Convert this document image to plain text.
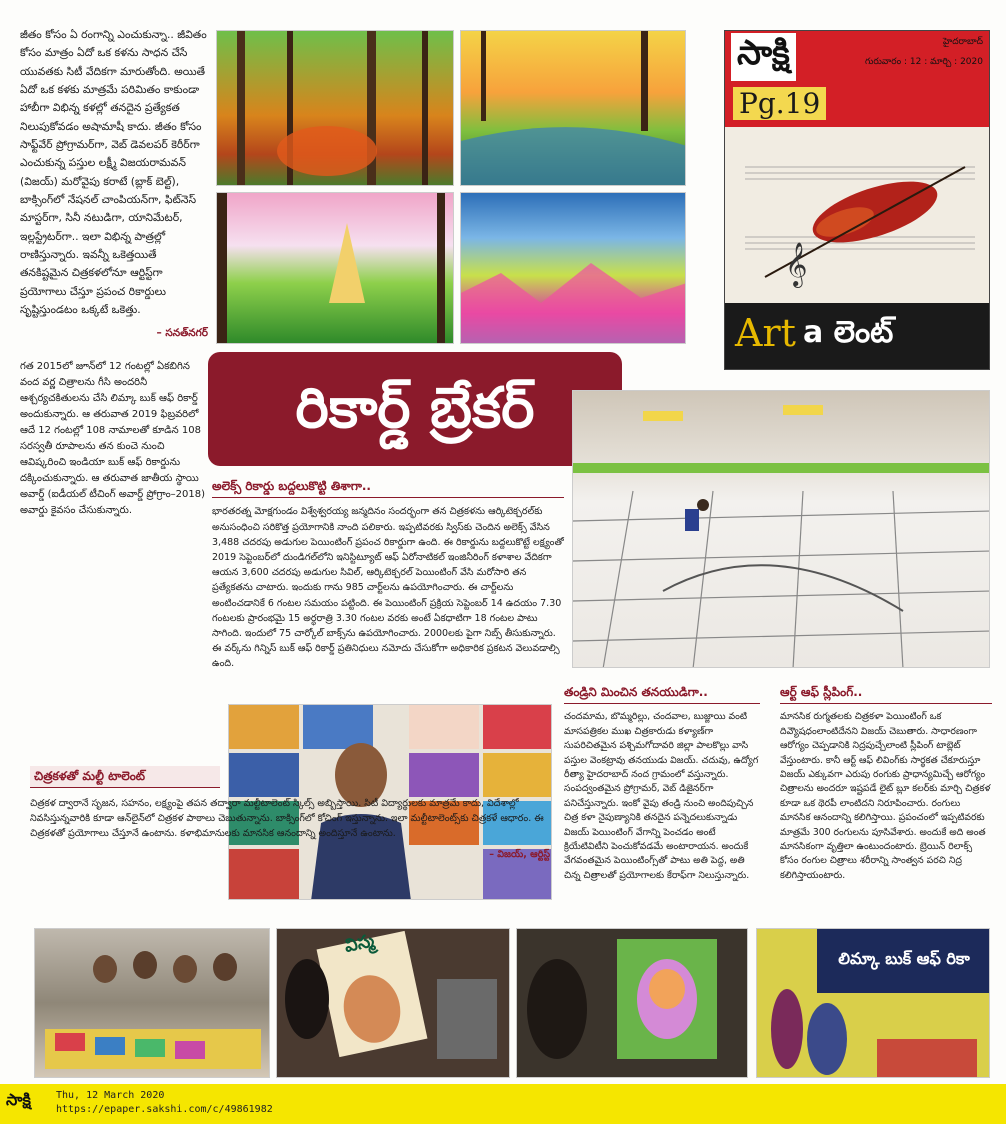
జీతం కోసం ఏ రంగాన్ని ఎంచుకున్నా.. జీవితం కోసం మాత్రం ఏదో ఒక కళను సాధన చేసే యువతకు సిటీ వేదికగా మారుతోంది. అయితే ఏదో ఒక కళకు మాత్రమే పరిమితం కాకుండా హాబీగా విభిన్న కళల్లో తనదైన ప్రత్యేకత నిలుపుకోవడం అషామాషీ కాదు. జీతం కోసం సాఫ్ట్‌వేర్ ప్రోగ్రామర్‌గా, వెబ్ డెవలపర్ కెరీర్‌గా ఎంచుకున్న పస్తుల లక్ష్మీ విజయరామవన్ (విజయ్) మరోవైపు కరాటే (బ్లాక్ బెల్ట్), బాక్సింగ్‌లో నేషనల్ చాంపియన్‌గా, ఫిట్‌నెస్ మాస్టర్‌గా, సినీ నటుడిగా, యానిమేటర్, ఇల్లస్ట్రేటర్‌గా.. ఇలా విభిన్న పాత్రల్లో రాణిస్తున్నారు. ఇవన్నీ ఒకెత్తయితే తనకిష్టమైన చిత్రకళలోనూ ఆర్టిస్ట్‌గా ప్రయోగాలు చేస్తూ ప్రపంచ రికార్డులు సృష్టిస్తుండటం ఒక్కటే ఒకెత్తు.

– సనత్‌నగర్

గత 2015లో జూన్‌లో 12 గంటల్లో ఏకబిగిన వంద వర్ణ చిత్రాలను గీసి అందరినీ ఆశ్చర్యచకితులను చేసి లిమ్కా బుక్ ఆఫ్ రికార్డ్ అందుకున్నారు. ఆ తరువాత 2019 ఫిబ్రవరిలో ఆదే 12 గంటల్లో 108 నామాలతో కూడిన 108 సరస్వతీ రూపాలను తన కుంచె నుంచి ఆవిష్కరించి ఇండియా బుక్ ఆఫ్ రికార్డును దక్కించుకున్నారు. ఆ తరువాత జాతీయ స్థాయి అవార్డ్ (ఐడీయల్ టీచింగ్ అవార్డ్ ప్రోగ్రాం–2018) అవార్డు కైవసం చేసుకున్నారు.

సాక్షి	హైదరాబాద్
గురువారం : 12 : మార్చి : 2020
Pg.19
𝄞
Art a లెంట్
రికార్డ్ బ్రేకర్
అలెక్స్ రికార్డు బద్దలుకొట్టి తిశాగా..

భారతరత్న మోక్షగుండం విశ్వేశ్వరయ్య జన్మదినం సందర్భంగా తన చిత్రకళను ఆర్కిటెక్చరల్‌కు అనుసంధించి సరికొత్త ప్రయోగానికి నాంది పలికారు. ఇప్పటివరకు స్విస్‌కు చెందిన అలెక్స్ వేసిన 3,488 చదరపు అడుగుల పెయింటింగ్ ప్రపంచ రికార్డుగా ఉంది. ఈ రికార్డును బద్దలుకొట్టే లక్ష్యంతో 2019 సెప్టెంబర్‌లో దుండిగల్‌లోని ఇనిస్టిట్యూట్ ఆఫ్ ఏరోనాటికల్ ఇంజినీరింగ్ కళాశాల వేదికగా ఆయన 3,600 చదరపు అడుగుల సివిల్, ఆర్కిటెక్చరల్ పెయింటింగ్ వేసి మరోసారి తన ప్రత్యేకతను చాటారు. ఇందుకు గాను 985 చార్ట్‌లను ఉపయోగించారు. ఈ చార్ట్‌లను అంటించడానికే 6 గంటల సమయం పట్టింది. ఈ పెయింటింగ్ ప్రక్రియ సెప్టెంబర్ 14 ఉదయం 7.30 గంటలకు ప్రారంభమై 15 అర్ధరాత్రి 3.30 గంటల వరకు అంటే ఏకధాటిగా 18 గంటల పాటు సాగింది. ఇందులో 75 చార్కోల్ బాక్స్‌ను ఉపయోగించారు. 2000లకు పైగా నిబ్స్ తీసుకున్నారు. ఈ వర్క్‌ను గిన్నిస్ బుక్ ఆఫ్ రికార్డ్ ప్రతినిధులు నమోదు చేసుకోగా అధికారిక ప్రకటన వెలువడాల్సి ఉంది.

చిత్రకళతో మల్టీ టాలెంట్

చిత్రకళ ద్వారానే సృజన, సహనం, లక్ష్యంపై తపన తద్వారా మల్టీటాలెంట్ స్కిల్స్ అబ్బిస్తాయి. సిటీ విద్యార్థులకు మాత్రమే కాదు, విదేశాల్లో నివసిస్తున్నవారికి కూడా ఆన్‌లైన్‌లో చిత్రకళ పాఠాలు చెబుతున్నాను. బాక్సింగ్‌లో కోచింగ్ ఇస్తున్నాను. ఇలా మల్టీటాలెంట్స్‌కు చిత్రకళే ఆధారం. ఈ చిత్రకళతో ప్రయోగాలు చేస్తూనే ఉంటాను. కళాభిమానులకు మానసిక ఆనందాన్ని అందిస్తూనే ఉంటాను.

– విజయ్, ఆర్టిస్ట్
తండ్రిని మించిన తనయుడిగా..

చందమామ, బొమ్మరిల్లు, చందవాల, బుజ్జాయి వంటి మాసపత్రికల ముఖ చిత్రకారుడు కళ్యాణ్‌గా సుపరిచితమైన పశ్చిమగోదావరి జిల్లా పాలకొల్లు వాసి పస్తుల వెంకట్రావు తనయుడు విజయ్. చదువు, ఉద్యోగ రీత్యా హైదరాబాద్ నంద గ్రామంలో వస్తున్నారు. సంపద్వంతమైన ప్రోగ్రామర్, వెబ్ డిజైనర్‌గా పనిచేస్తున్నారు. ఇంకో వైపు తండ్రి నుంచి అందిపుచ్చిన చిత్ర కళా నైపుణ్యానికి తనదైన పన్నెదలుకున్నాడు విజయ్ పెయింటింగ్ వేగాన్ని పెంచడం అంటే క్రియేటివిటీని పెంచుకోవడమే అంటారాయన. అందుకే వేగవంతమైన పెయింటింగ్స్‌తో పాటు అతి పెద్ద, అతి చిన్న చిత్రాలతో ప్రయోగాలకు కేరాఫ్‌గా నిలుస్తున్నారు.

ఆర్ట్ ఆఫ్ స్లీపింగ్..

మానసిక రుగ్మతలకు చిత్రకళా పెయింటింగ్ ఒక దివ్యౌషధంలాంటిదేనని విజయ్ చెబుతారు. సాధారణంగా ఆరోగ్యం చెప్పడానికి నిద్రపుచ్చేలాంటి స్లీపింగ్ టాబ్లెట్ వేస్తుంటారు. కానీ ఆర్ట్ ఆఫ్ లివింగ్‌కు సార్థకత చేకూరుస్తూ విజయ్ ఎక్కువగా ఎరుపు రంగుకు ప్రాధాన్యమిచ్చే ఆరోగ్యం చిత్రాలను అందరూ ఇష్టపడే లైట్ బ్లూ కలర్‌కు మార్చి చిత్రకళ కూడా ఒక థెరపీ లాంటిదని నిరూపించారు. రంగులు మానసిక ఆనందాన్ని కలిగిస్తాయి. ప్రపంచంలో ఇప్పటివరకు మాత్రమే 300 రంగులను పూసివేశారు. అందుకే అది అంత మానసికంగా వృత్తిలా ఉంటుందంటారు. బ్రెయిన్ రిలాక్స్ కోసం రంగుల చిత్రాలు శరీరాన్ని సాంత్వన పరచి నిద్ర కలిగిస్తాయంటారు.

విస్మ
లిమ్కా బుక్ ఆఫ్ రికా
సాక్షి	Thu, 12 March 2020
https://epaper.sakshi.com/c/49861982
